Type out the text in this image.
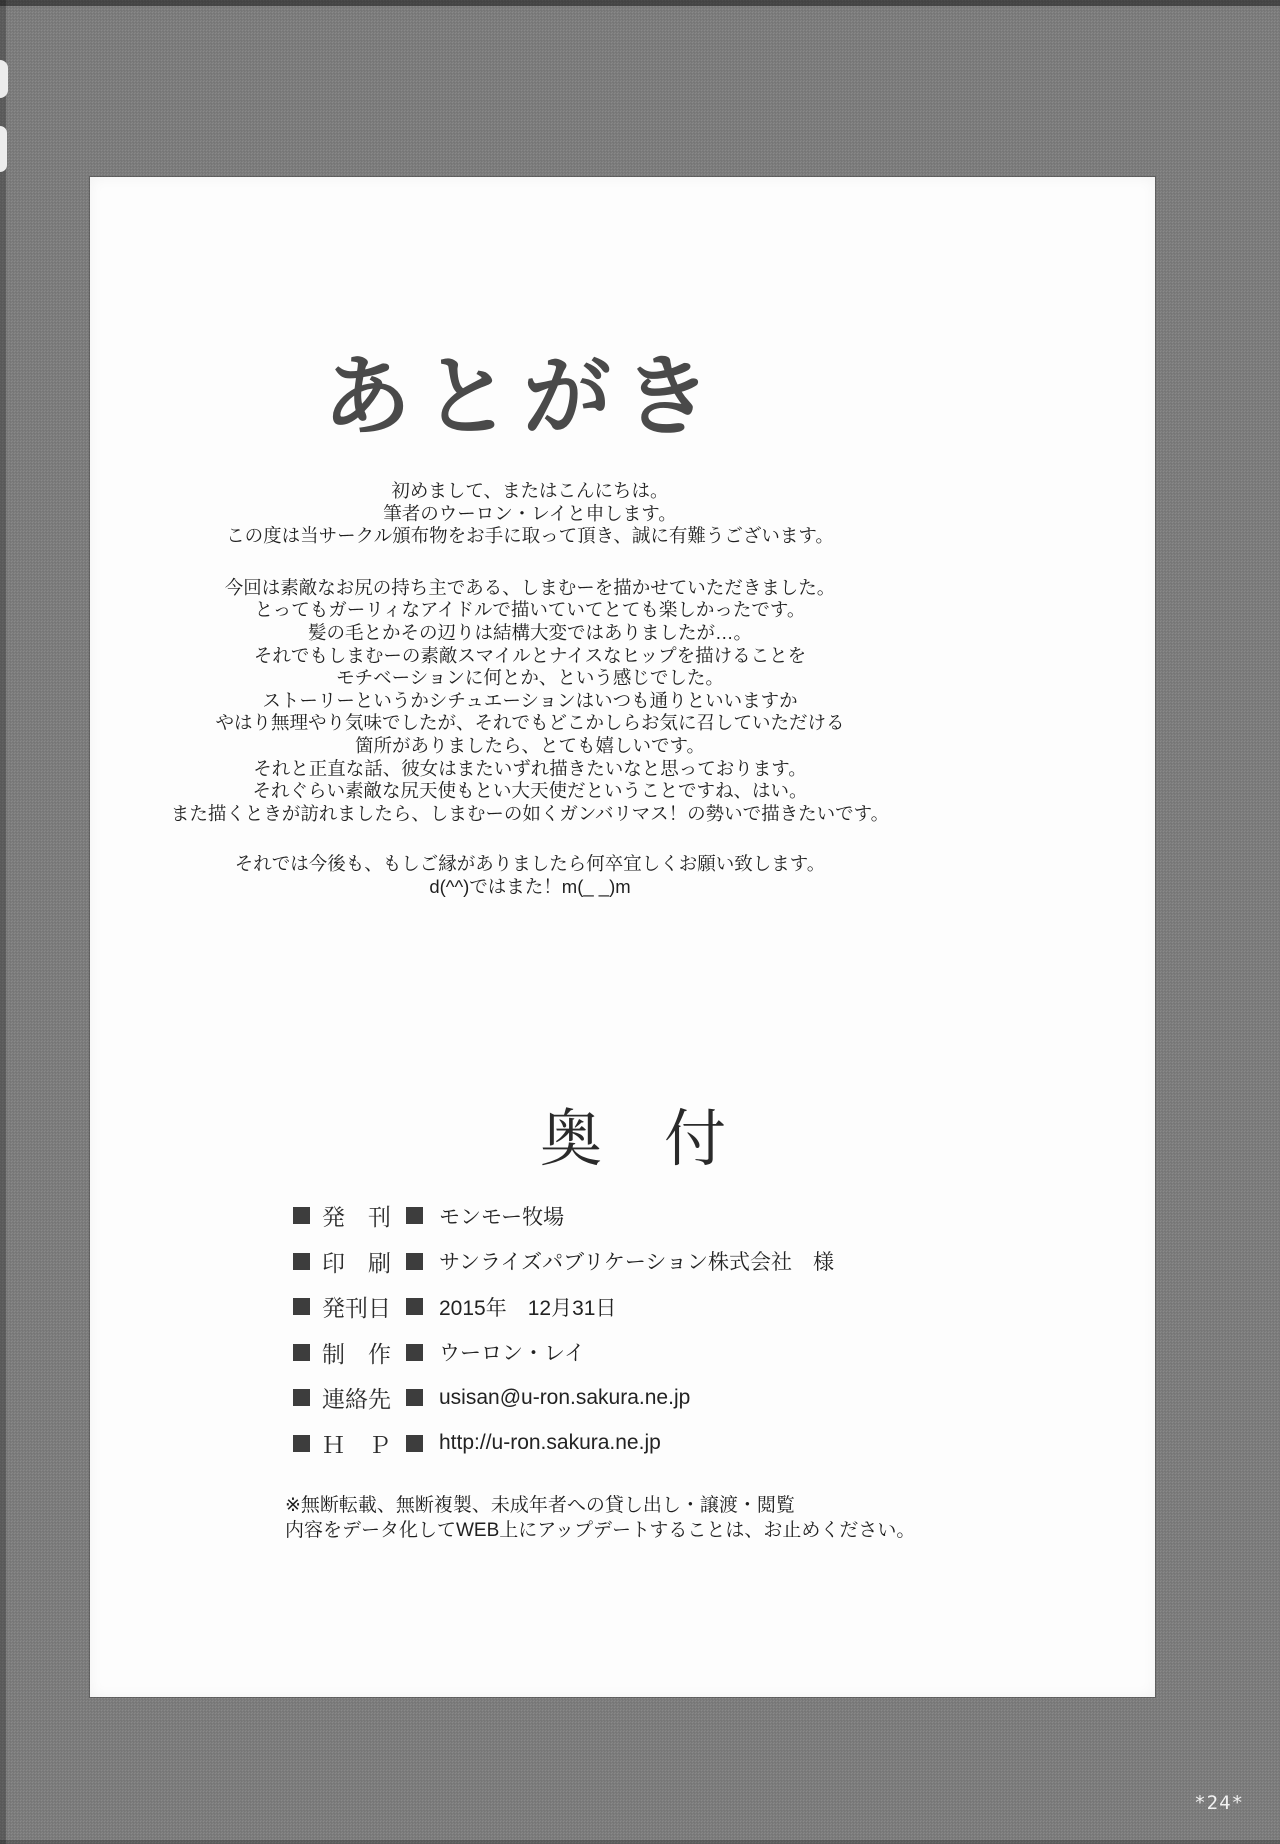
あとがき
初めまして、またはこんにちは。
筆者のウーロン・レイと申します。
この度は当サークル頒布物をお手に取って頂き、誠に有難うございます。
今回は素敵なお尻の持ち主である、しまむーを描かせていただきました。
とってもガーリィなアイドルで描いていてとても楽しかったです。
髪の毛とかその辺りは結構大変ではありましたが…。
それでもしまむーの素敵スマイルとナイスなヒップを描けることを
モチベーションに何とか、という感じでした。
ストーリーというかシチュエーションはいつも通りといいますか
やはり無理やり気味でしたが、それでもどこかしらお気に召していただける
箇所がありましたら、とても嬉しいです。
それと正直な話、彼女はまたいずれ描きたいなと思っております。
それぐらい素敵な尻天使もとい大天使だということですね、はい。
また描くときが訪れましたら、しまむーの如くガンバリマス！の勢いで描きたいです。
それでは今後も、もしご縁がありましたら何卒宜しくお願い致します。
d(^^)ではまた！m(_ _)m
奥　付
発　刊 モンモー牧場
印　刷 サンライズパブリケーション株式会社　様
発刊日 2015年　12月31日
制　作 ウーロン・レイ
連絡先 usisan@u-ron.sakura.ne.jp
Ｈ　Ｐ http://u-ron.sakura.ne.jp
※無断転載、無断複製、未成年者への貸し出し・譲渡・閲覧
内容をデータ化してWEB上にアップデートすることは、お止めください。
*24*
